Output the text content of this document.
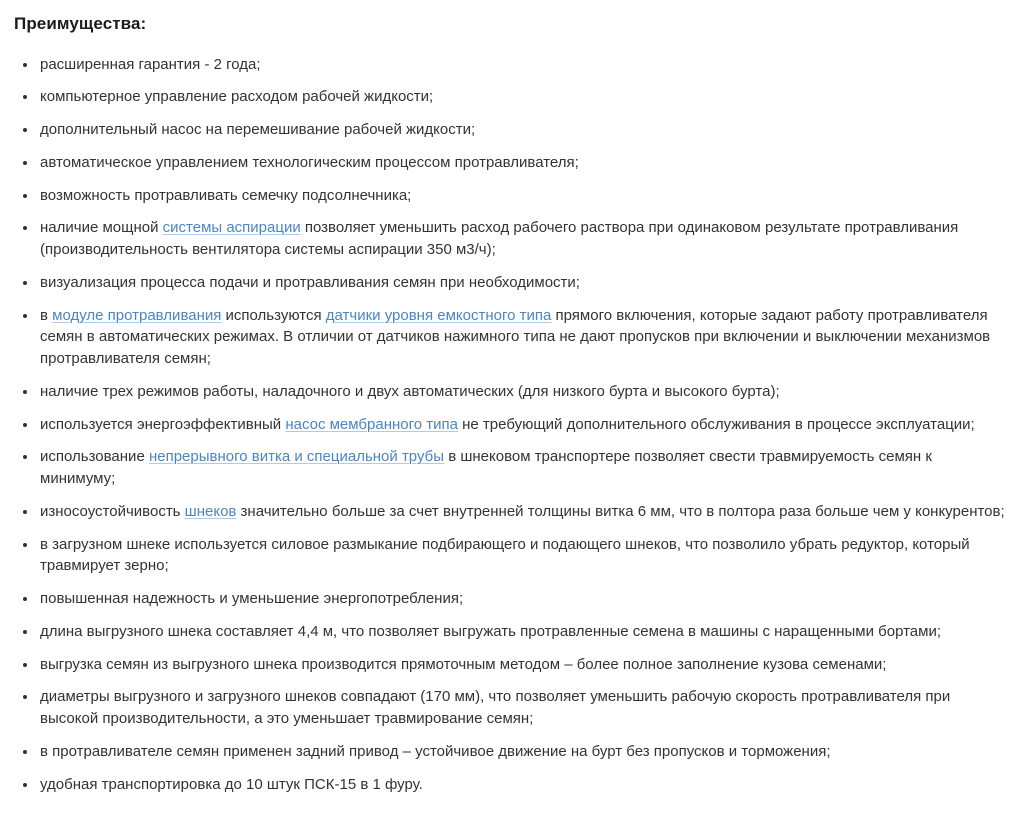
Преимущества:
• расширенная гарантия - 2 года;
• компьютерное управление расходом рабочей жидкости;
• дополнительный насос на перемешивание рабочей жидкости;
• автоматическое управлением технологическим процессом протравливателя;
• возможность протравливать семечку подсолнечника;
• наличие мощной системы аспирации позволяет уменьшить расход рабочего раствора при одинаковом результате протравливания (производительность вентилятора системы аспирации 350 м3/ч);
• визуализация процесса подачи и протравливания семян при необходимости;
• в модуле протравливания используются датчики уровня емкостного типа прямого включения, которые задают работу протравливателя семян в автоматических режимах. В отличии от датчиков нажимного типа не дают пропусков при включении и выключении механизмов протравливателя семян;
• наличие трех режимов работы, наладочного и двух автоматических (для низкого бурта и высокого бурта);
• используется энергоэффективный насос мембранного типа не требующий дополнительного обслуживания в процессе эксплуатации;
• использование непрерывного витка и специальной трубы в шнековом транспортере позволяет свести травмируемость семян к минимуму;
• износоустойчивость шнеков значительно больше за счет внутренней толщины витка 6 мм, что в полтора раза больше чем у конкурентов;
• в загрузном шнеке используется силовое размыкание подбирающего и подающего шнеков, что позволило убрать редуктор, который травмирует зерно;
• повышенная надежность и уменьшение энергопотребления;
• длина выгрузного шнека составляет 4,4 м, что позволяет выгружать протравленные семена в машины с наращенными бортами;
• выгрузка семян из выгрузного шнека производится прямоточным методом – более полное заполнение кузова семенами;
• диаметры выгрузного и загрузного шнеков совпадают (170 мм), что позволяет уменьшить рабочую скорость протравливателя при высокой производительности, а это уменьшает травмирование семян;
• в протравливателе семян применен задний привод – устойчивое движение на бурт без пропусков и торможения;
• удобная транспортировка до 10 штук ПСК-15 в 1 фуру.
